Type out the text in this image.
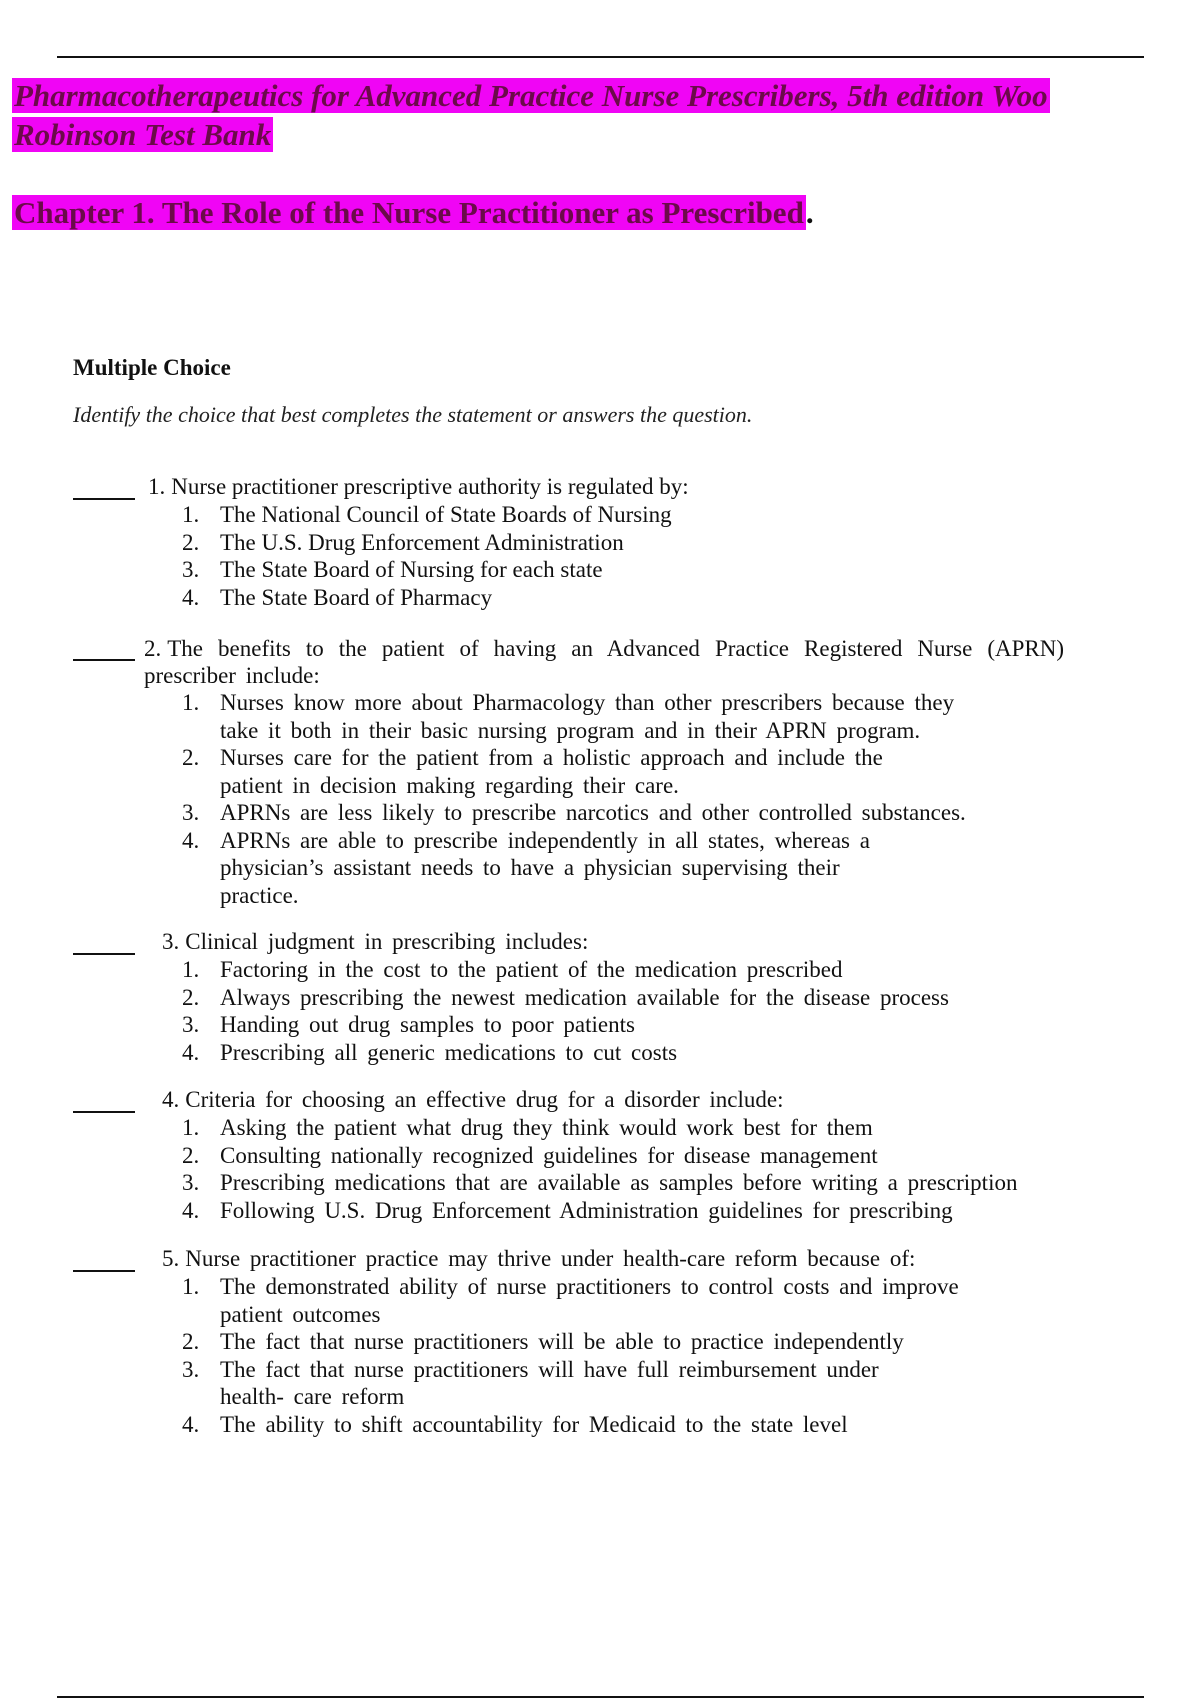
Pharmacotherapeutics for Advanced Practice Nurse Prescribers, 5th edition Woo Robinson Test Bank
Chapter 1. The Role of the Nurse Practitioner as Prescribed.
Multiple Choice

Identify the choice that best completes the statement or answers the question.

1. Nurse practitioner prescriptive authority is regulated by:

1. The National Council of State Boards of Nursing
2. The U.S. Drug Enforcement Administration
3. The State Board of Nursing for each state
4. The State Board of Pharmacy

2. The benefits to the patient of having an Advanced Practice Registered Nurse (APRN) prescriber include:

1. Nurses know more about Pharmacology than other prescribers because they take it both in their basic nursing program and in their APRN program.
2. Nurses care for the patient from a holistic approach and include the patient in decision making regarding their care.
3. APRNs are less likely to prescribe narcotics and other controlled substances.
4. APRNs are able to prescribe independently in all states, whereas a physician’s assistant needs to have a physician supervising their practice.

3. Clinical judgment in prescribing includes:

1. Factoring in the cost to the patient of the medication prescribed
2. Always prescribing the newest medication available for the disease process
3. Handing out drug samples to poor patients
4. Prescribing all generic medications to cut costs

4. Criteria for choosing an effective drug for a disorder include:

1. Asking the patient what drug they think would work best for them
2. Consulting nationally recognized guidelines for disease management
3. Prescribing medications that are available as samples before writing a prescription
4. Following U.S. Drug Enforcement Administration guidelines for prescribing

5. Nurse practitioner practice may thrive under health-care reform because of:

1. The demonstrated ability of nurse practitioners to control costs and improve patient outcomes
2. The fact that nurse practitioners will be able to practice independently
3. The fact that nurse practitioners will have full reimbursement under health- care reform
4. The ability to shift accountability for Medicaid to the state level
